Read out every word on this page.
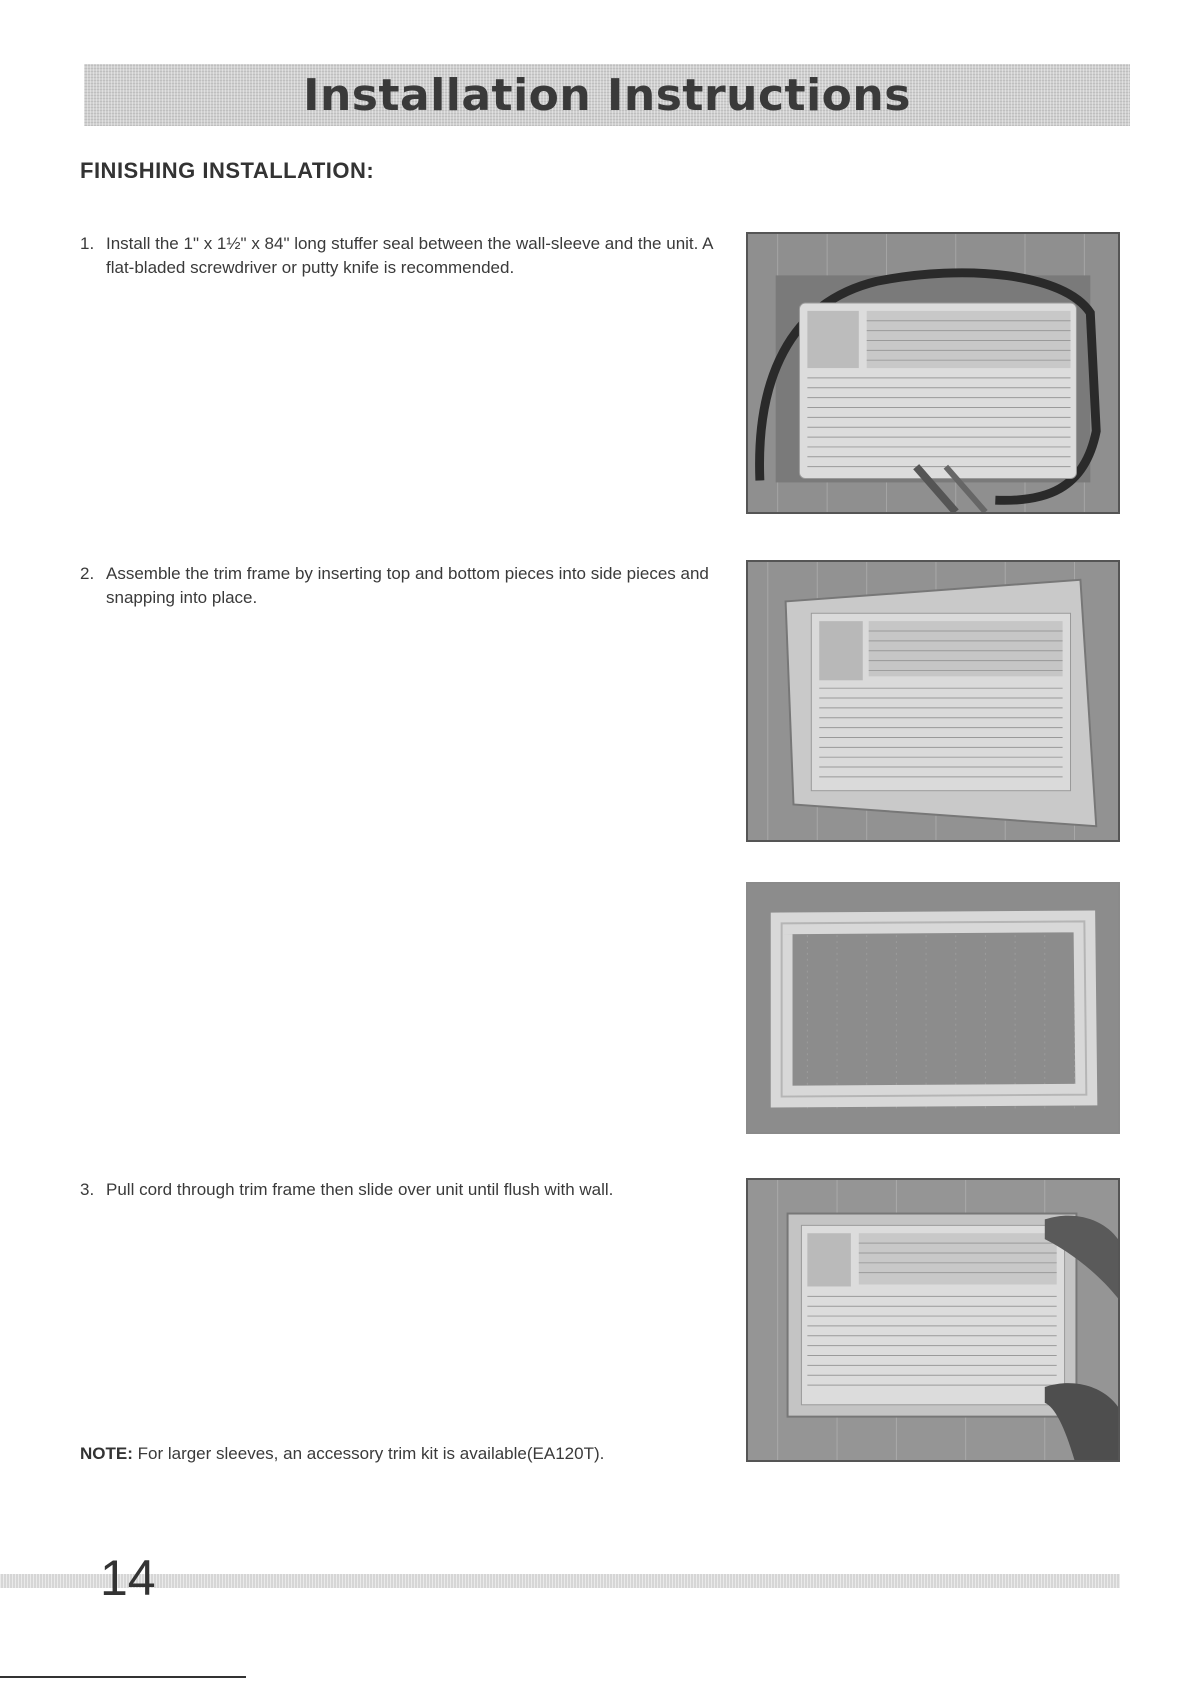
Installation Instructions
FINISHING INSTALLATION:
1. Install the 1" x 1½" x 84" long stuffer seal between the wall-sleeve and the unit. A flat-bladed screwdriver or putty knife is recommended.
2. Assemble the trim frame by inserting top and bottom pieces into side pieces and snapping into place.
3. Pull cord through trim frame then slide over unit until flush with wall.
NOTE: For larger sleeves, an accessory trim kit is available(EA120T).
14
